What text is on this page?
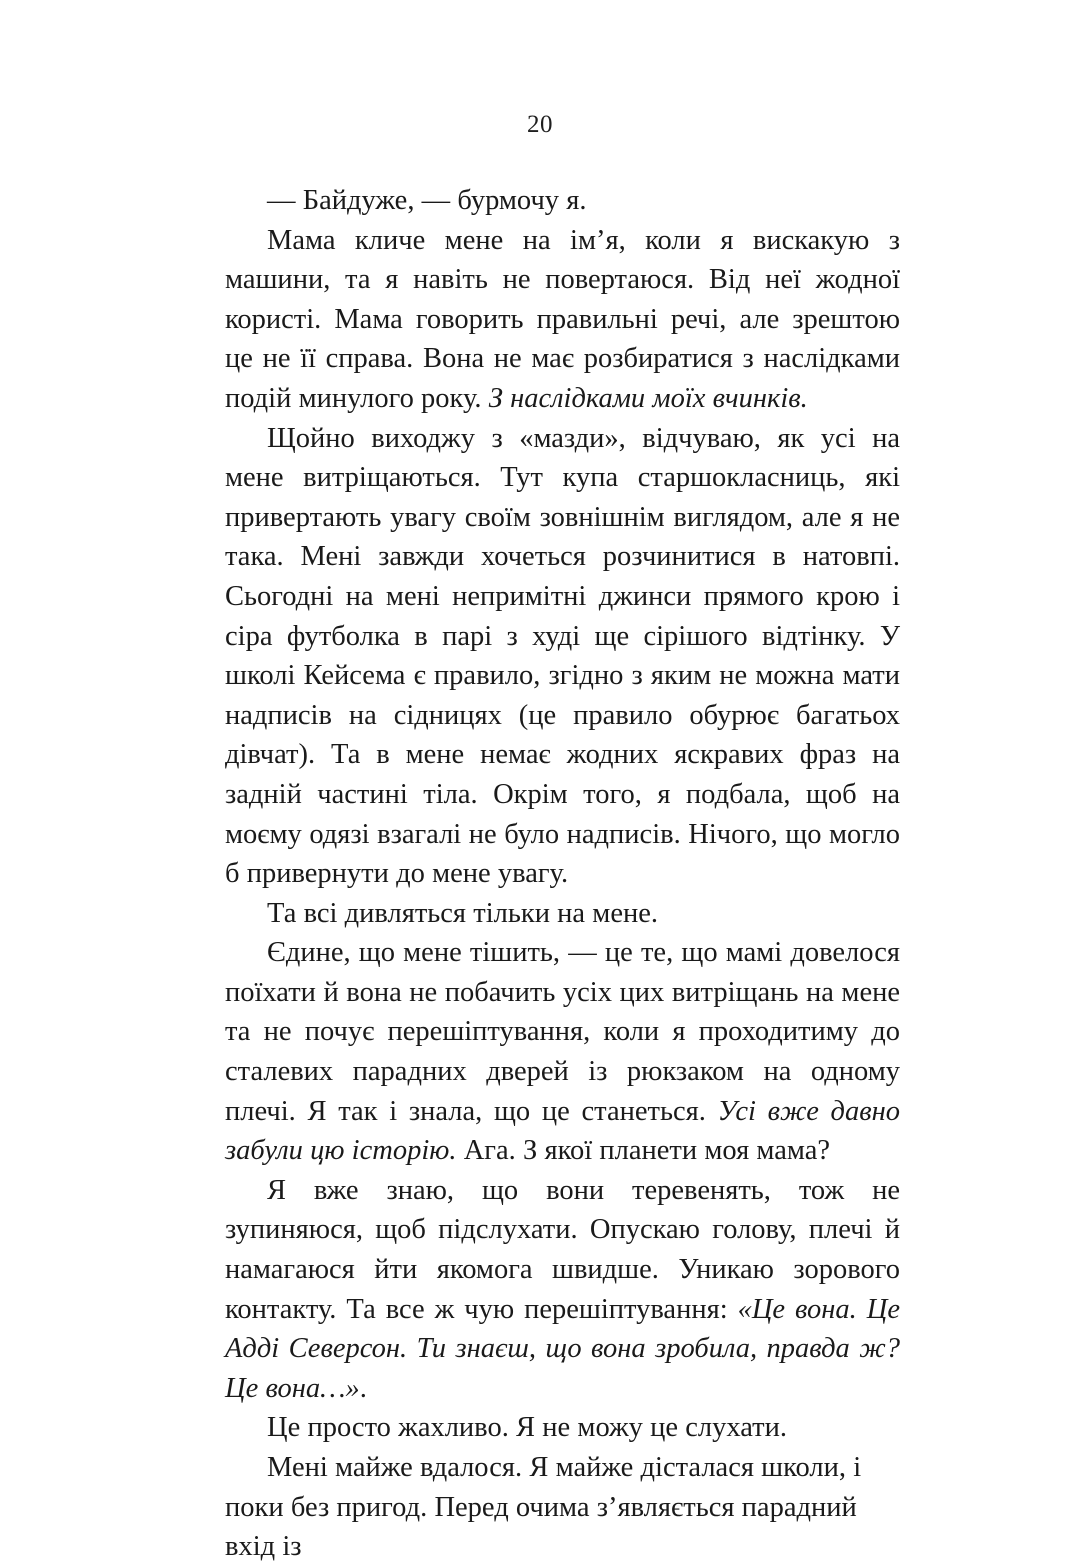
20

— Байдуже, — бурмочу я.

Мама кличе мене на ім’я, коли я вискакую з машини, та я навіть не повертаюся. Від неї жодної користі. Мама говорить правильні речі, але зрештою це не її справа. Вона не має розбиратися з наслідками подій минулого року. З наслідками моїх вчинків.

Щойно виходжу з «мазди», відчуваю, як усі на мене витріщаються. Тут купа старшокласниць, які привертають увагу своїм зовнішнім виглядом, але я не така. Мені завжди хочеться розчинитися в натовпі. Сьогодні на мені непримітні джинси прямого крою і сіра футболка в парі з худі ще сірішого відтінку. У школі Кейсема є правило, згідно з яким не можна мати надписів на сідницях (це правило обурює багатьох дівчат). Та в мене немає жодних яскравих фраз на задній частині тіла. Окрім того, я подбала, щоб на моєму одязі взагалі не було надписів. Нічого, що могло б привернути до мене увагу.

Та всі дивляться тільки на мене.

Єдине, що мене тішить, — це те, що мамі довелося поїхати й вона не побачить усіх цих витріщань на мене та не почує перешіптування, коли я проходитиму до сталевих парадних дверей із рюкзаком на одному плечі. Я так і знала, що це станеться. Усі вже давно забули цю історію. Ага. З якої планети моя мама?

Я вже знаю, що вони теревенять, тож не зупиняюся, щоб підслухати. Опускаю голову, плечі й намагаюся йти якомога швидше. Уникаю зорового контакту. Та все ж чую перешіптування: «Це вона. Це Адді Северсон. Ти знаєш, що вона зробила, правда ж? Це вона…».

Це просто жахливо. Я не можу це слухати.

Мені майже вдалося. Я майже дісталася школи, і поки без пригод. Перед очима з’являється парадний вхід із
